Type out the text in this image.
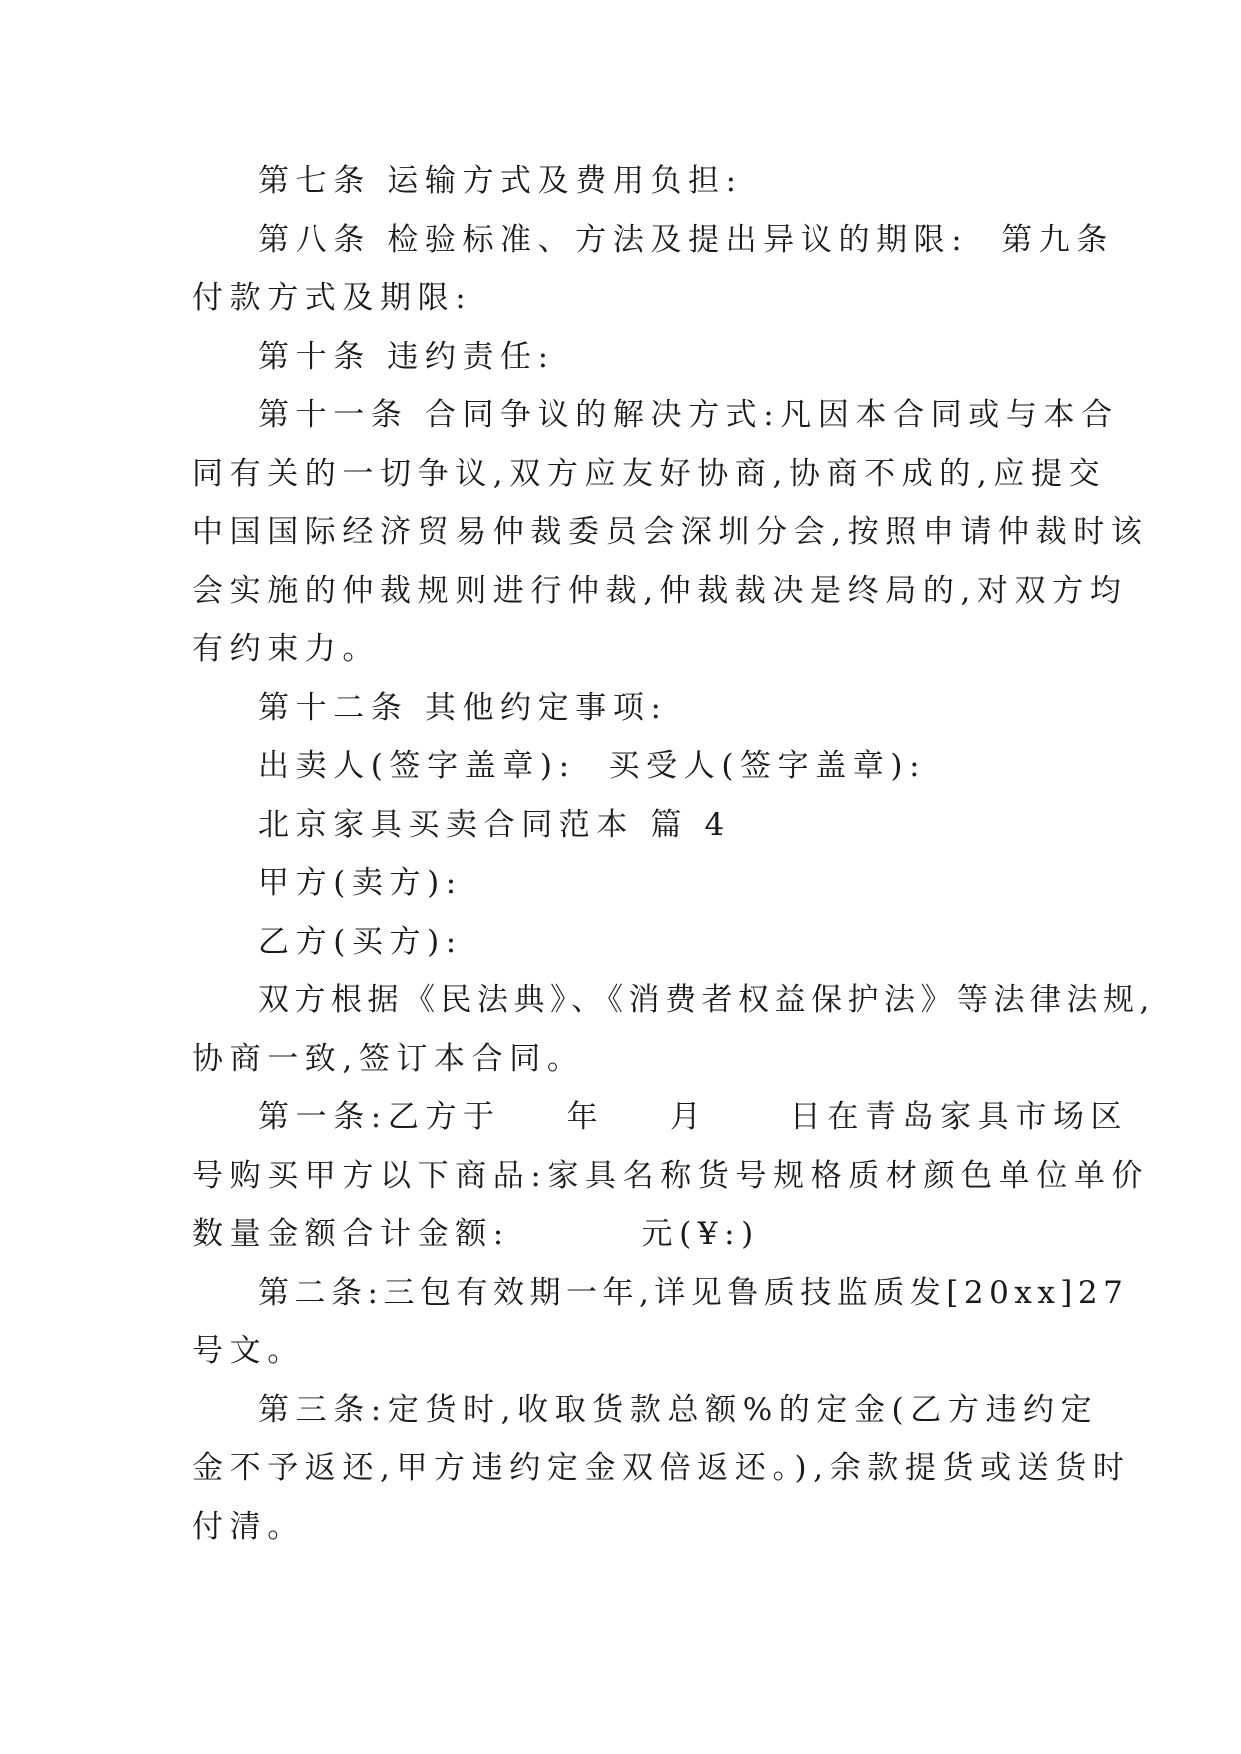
第七条 运输方式及费用负担:
第八条 检验标准、方法及提出异议的期限:  第九条
付款方式及期限:
第十条 违约责任:
第十一条 合同争议的解决方式:凡因本合同或与本合
同有关的一切争议,双方应友好协商,协商不成的,应提交
中国国际经济贸易仲裁委员会深圳分会,按照申请仲裁时该
会实施的仲裁规则进行仲裁,仲裁裁决是终局的,对双方均
有约束力。
第十二条 其他约定事项:
出卖人(签字盖章):  买受人(签字盖章):
北京家具买卖合同范本 篇 4
甲方(卖方):
乙方(买方):
双方根据《民法典》、《消费者权益保护法》等法律法规,
协商一致,签订本合同。
第一条:乙方于    年    月     日在青岛家具市场区
号购买甲方以下商品:家具名称货号规格质材颜色单位单价
数量金额合计金额:        元(¥:)
第二条:三包有效期一年,详见鲁质技监质发[20xx]27
号文。
第三条:定货时,收取货款总额%的定金(乙方违约定
金不予返还,甲方违约定金双倍返还。),余款提货或送货时
付清。
